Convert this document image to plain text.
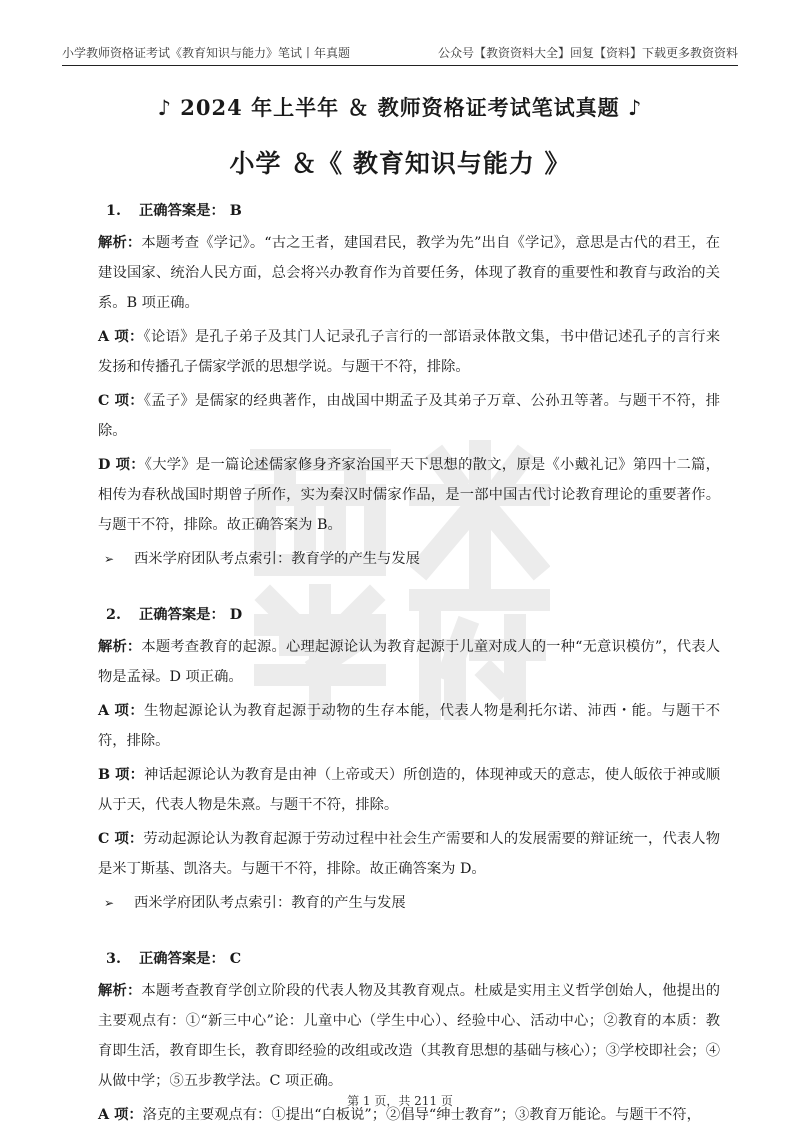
西米学府
小学教师资格证考试《教育知识与能力》笔试丨年真题	公众号【教资资料大全】回复【资料】下载更多教资资料
♪ 2024 年上半年 ＆ 教师资格证考试笔试真题 ♪
小学 ＆《 教育知识与能力 》
1. 正确答案是： B
解析：本题考查《学记》。“古之王者，建国君民，教学为先”出自《学记》，意思是古代的君王，在建设国家、统治人民方面，总会将兴办教育作为首要任务，体现了教育的重要性和教育与政治的关系。B 项正确。
A 项：《论语》是孔子弟子及其门人记录孔子言行的一部语录体散文集，书中借记述孔子的言行来发扬和传播孔子儒家学派的思想学说。与题干不符，排除。
C 项：《孟子》是儒家的经典著作，由战国中期孟子及其弟子万章、公孙丑等著。与题干不符，排除。
D 项：《大学》是一篇论述儒家修身齐家治国平天下思想的散文，原是《小戴礼记》第四十二篇，相传为春秋战国时期曾子所作，实为秦汉时儒家作品，是一部中国古代讨论教育理论的重要著作。与题干不符，排除。故正确答案为 B。
➢ 西米学府团队考点索引：教育学的产生与发展
2. 正确答案是： D
解析：本题考查教育的起源。心理起源论认为教育起源于儿童对成人的一种“无意识模仿”，代表人物是孟禄。D 项正确。
A 项：生物起源论认为教育起源于动物的生存本能，代表人物是利托尔诺、沛西・能。与题干不符，排除。
B 项：神话起源论认为教育是由神（上帝或天）所创造的，体现神或天的意志，使人皈依于神或顺从于天，代表人物是朱熹。与题干不符，排除。
C 项：劳动起源论认为教育起源于劳动过程中社会生产需要和人的发展需要的辩证统一，代表人物是米丁斯基、凯洛夫。与题干不符，排除。故正确答案为 D。
➢ 西米学府团队考点索引：教育的产生与发展
3. 正确答案是： C
解析：本题考查教育学创立阶段的代表人物及其教育观点。杜威是实用主义哲学创始人，他提出的主要观点有：①“新三中心”论：儿童中心（学生中心）、经验中心、活动中心；②教育的本质：教育即生活，教育即生长，教育即经验的改组或改造（其教育思想的基础与核心）；③学校即社会；④从做中学；⑤五步教学法。C 项正确。
A 项：洛克的主要观点有：①提出“白板说”；②倡导“绅士教育”；③教育万能论。与题干不符，
第 1 页，共 211 页
